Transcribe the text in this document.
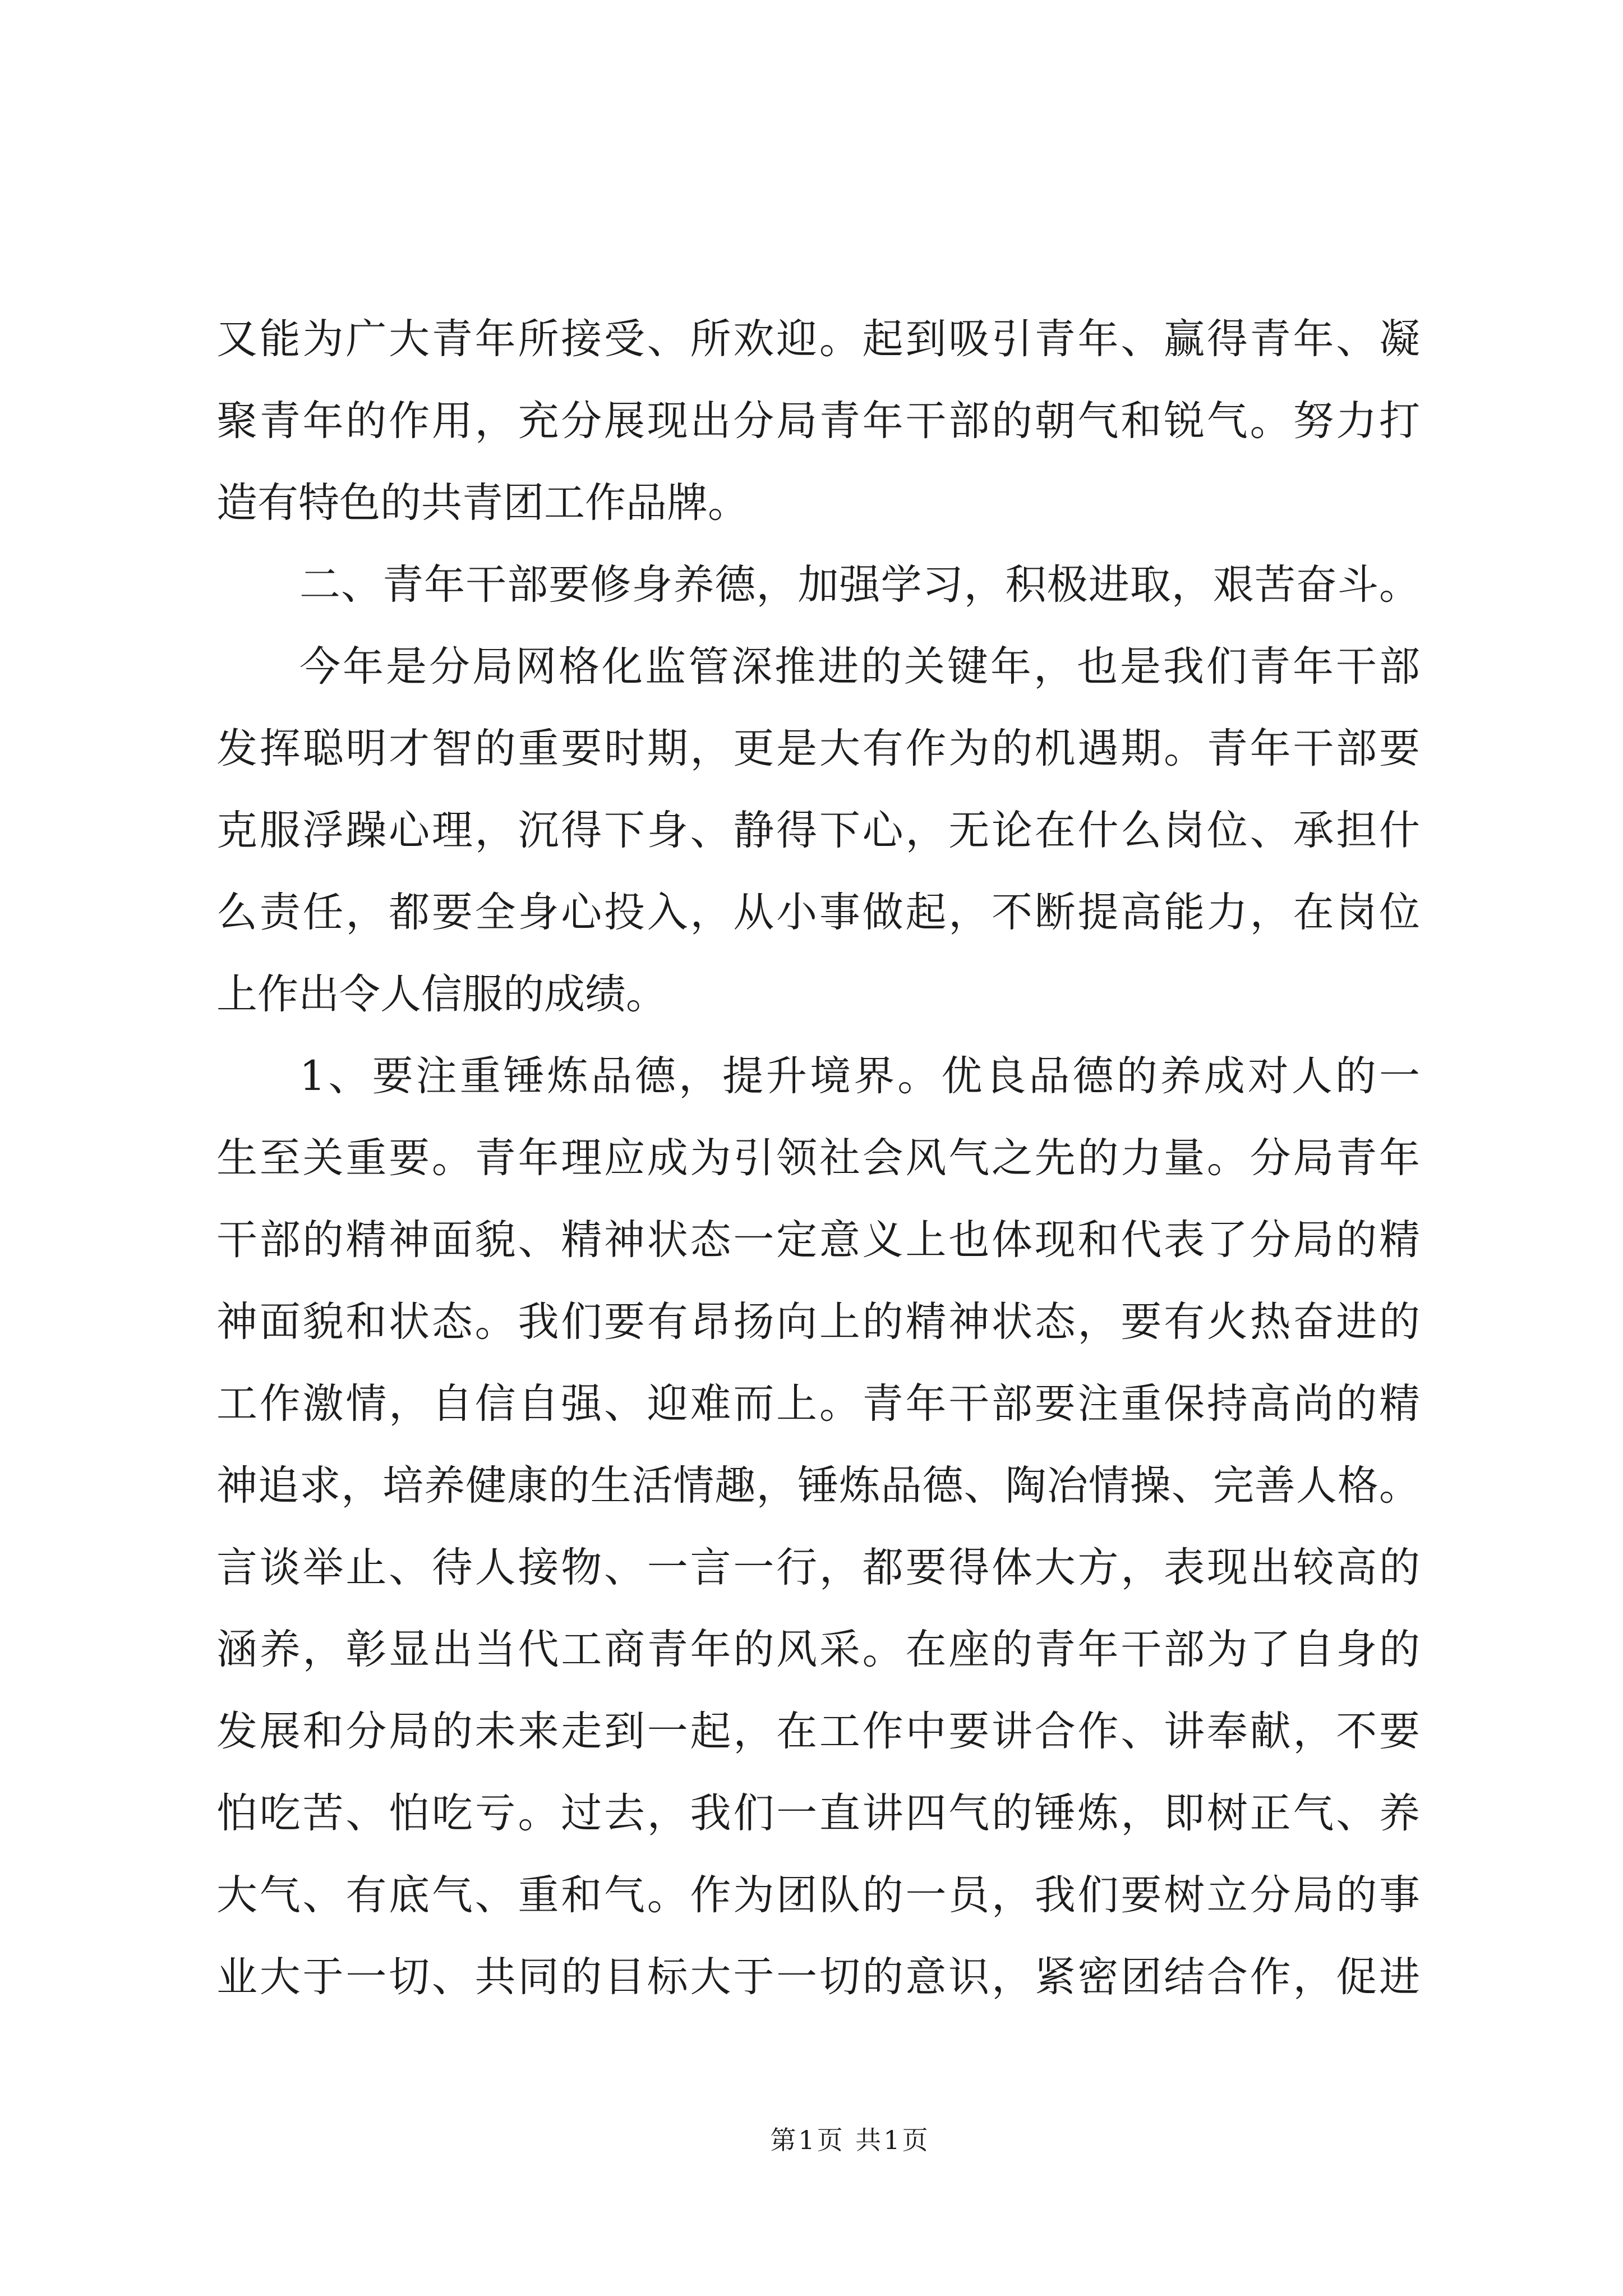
又能为广大青年所接受、所欢迎。起到吸引青年、赢得青年、凝
聚青年的作用，充分展现出分局青年干部的朝气和锐气。努力打
造有特色的共青团工作品牌。
二、青年干部要修身养德，加强学习，积极进取，艰苦奋斗。
今年是分局网格化监管深推进的关键年，也是我们青年干部
发挥聪明才智的重要时期，更是大有作为的机遇期。青年干部要
克服浮躁心理，沉得下身、静得下心，无论在什么岗位、承担什
么责任，都要全身心投入，从小事做起，不断提高能力，在岗位
上作出令人信服的成绩。
1、要注重锤炼品德，提升境界。优良品德的养成对人的一
生至关重要。青年理应成为引领社会风气之先的力量。分局青年
干部的精神面貌、精神状态一定意义上也体现和代表了分局的精
神面貌和状态。我们要有昂扬向上的精神状态，要有火热奋进的
工作激情，自信自强、迎难而上。青年干部要注重保持高尚的精
神追求，培养健康的生活情趣，锤炼品德、陶冶情操、完善人格。
言谈举止、待人接物、一言一行，都要得体大方，表现出较高的
涵养，彰显出当代工商青年的风采。在座的青年干部为了自身的
发展和分局的未来走到一起，在工作中要讲合作、讲奉献，不要
怕吃苦、怕吃亏。过去，我们一直讲四气的锤炼，即树正气、养
大气、有底气、重和气。作为团队的一员，我们要树立分局的事
业大于一切、共同的目标大于一切的意识，紧密团结合作，促进
第1页 共1页
